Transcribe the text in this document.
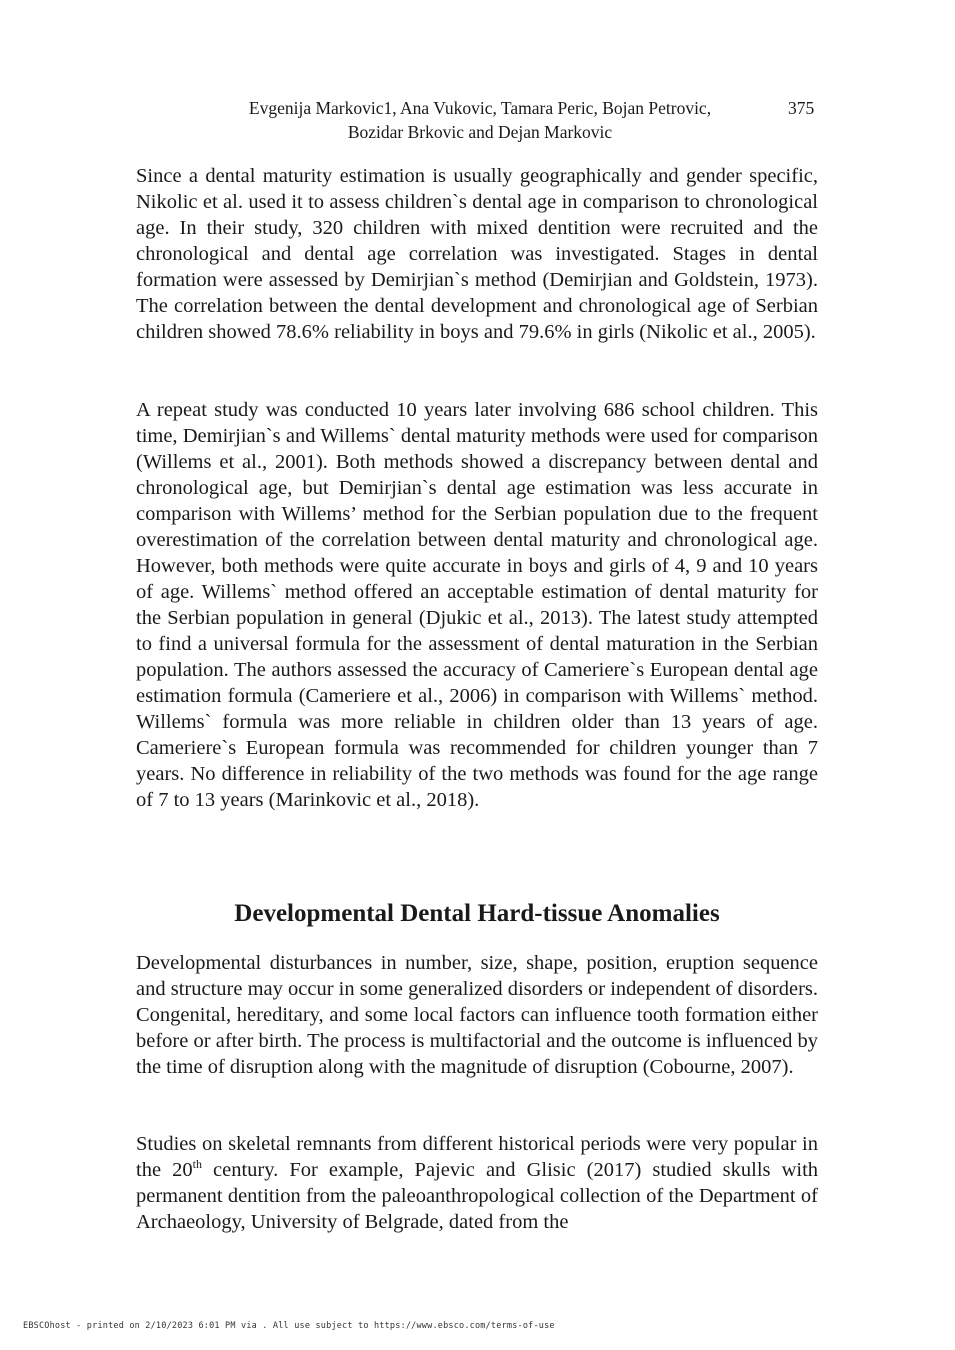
Evgenija Markovic1, Ana Vukovic, Tamara Peric, Bojan Petrovic,
Bozidar Brkovic and Dejan Markovic
375

Since a dental maturity estimation is usually geographically and gender specific, Nikolic et al. used it to assess children`s dental age in comparison to chronological age. In their study, 320 children with mixed dentition were recruited and the chronological and dental age correlation was investigated. Stages in dental formation were assessed by Demirjian`s method (Demirjian and Goldstein, 1973). The correlation between the dental development and chronological age of Serbian children showed 78.6% reliability in boys and 79.6% in girls (Nikolic et al., 2005).

A repeat study was conducted 10 years later involving 686 school children. This time, Demirjian`s and Willems` dental maturity methods were used for comparison (Willems et al., 2001). Both methods showed a discrepancy between dental and chronological age, but Demirjian`s dental age estimation was less accurate in comparison with Willems’ method for the Serbian population due to the frequent overestimation of the correlation between dental maturity and chronological age. However, both methods were quite accurate in boys and girls of 4, 9 and 10 years of age. Willems` method offered an acceptable estimation of dental maturity for the Serbian population in general (Djukic et al., 2013). The latest study attempted to find a universal formula for the assessment of dental maturation in the Serbian population. The authors assessed the accuracy of Cameriere`s European dental age estimation formula (Cameriere et al., 2006) in comparison with Willems` method. Willems` formula was more reliable in children older than 13 years of age. Cameriere`s European formula was recommended for children younger than 7 years. No difference in reliability of the two methods was found for the age range of 7 to 13 years (Marinkovic et al., 2018).

Developmental Dental Hard-tissue Anomalies

Developmental disturbances in number, size, shape, position, eruption sequence and structure may occur in some generalized disorders or independent of disorders. Congenital, hereditary, and some local factors can influence tooth formation either before or after birth. The process is multifactorial and the outcome is influenced by the time of disruption along with the magnitude of disruption (Cobourne, 2007).

Studies on skeletal remnants from different historical periods were very popular in the 20th century. For example, Pajevic and Glisic (2017) studied skulls with permanent dentition from the paleoanthropological collection of the Department of Archaeology, University of Belgrade, dated from the

EBSCOhost - printed on 2/10/2023 6:01 PM via . All use subject to https://www.ebsco.com/terms-of-use
